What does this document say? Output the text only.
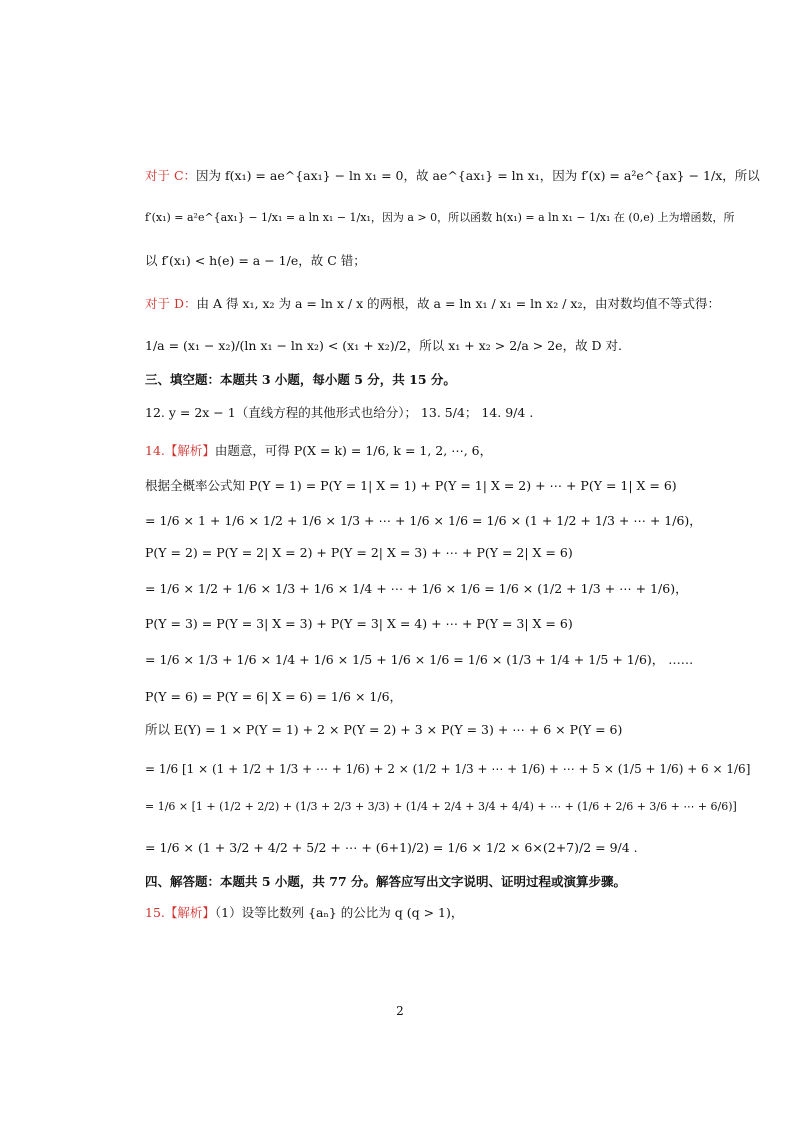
对于 C：因为 f(x₁) = ae^{ax₁} − ln x₁ = 0，故 ae^{ax₁} = ln x₁，因为 f′(x) = a²e^{ax} − 1/x，所以
f′(x₁) = a²e^{ax₁} − 1/x₁ = a ln x₁ − 1/x₁，因为 a > 0，所以函数 h(x₁) = a ln x₁ − 1/x₁ 在 (0,e) 上为增函数，所
以 f′(x₁) < h(e) = a − 1/e，故 C 错；
对于 D：由 A 得 x₁, x₂ 为 a = ln x / x 的两根，故 a = ln x₁ / x₁ = ln x₂ / x₂，由对数均值不等式得：
1/a = (x₁ − x₂)/(ln x₁ − ln x₂) < (x₁ + x₂)/2，所以 x₁ + x₂ > 2/a > 2e，故 D 对.
三、填空题：本题共 3 小题，每小题 5 分，共 15 分。
12. y = 2x − 1（直线方程的其他形式也给分）； 13. 5/4； 14. 9/4 .
14.【解析】由题意，可得 P(X = k) = 1/6, k = 1, 2, ⋯, 6，
根据全概率公式知 P(Y = 1) = P(Y = 1| X = 1) + P(Y = 1| X = 2) + ⋯ + P(Y = 1| X = 6)
= 1/6 × 1 + 1/6 × 1/2 + 1/6 × 1/3 + ⋯ + 1/6 × 1/6 = 1/6 × (1 + 1/2 + 1/3 + ⋯ + 1/6)，
P(Y = 2) = P(Y = 2| X = 2) + P(Y = 2| X = 3) + ⋯ + P(Y = 2| X = 6)
= 1/6 × 1/2 + 1/6 × 1/3 + 1/6 × 1/4 + ⋯ + 1/6 × 1/6 = 1/6 × (1/2 + 1/3 + ⋯ + 1/6)，
P(Y = 3) = P(Y = 3| X = 3) + P(Y = 3| X = 4) + ⋯ + P(Y = 3| X = 6)
= 1/6 × 1/3 + 1/6 × 1/4 + 1/6 × 1/5 + 1/6 × 1/6 = 1/6 × (1/3 + 1/4 + 1/5 + 1/6)， ……
P(Y = 6) = P(Y = 6| X = 6) = 1/6 × 1/6，
所以 E(Y) = 1 × P(Y = 1) + 2 × P(Y = 2) + 3 × P(Y = 3) + ⋯ + 6 × P(Y = 6)
= 1/6 [1 × (1 + 1/2 + 1/3 + ⋯ + 1/6) + 2 × (1/2 + 1/3 + ⋯ + 1/6) + ⋯ + 5 × (1/5 + 1/6) + 6 × 1/6]
= 1/6 × [1 + (1/2 + 2/2) + (1/3 + 2/3 + 3/3) + (1/4 + 2/4 + 3/4 + 4/4) + ⋯ + (1/6 + 2/6 + 3/6 + ⋯ + 6/6)]
= 1/6 × (1 + 3/2 + 4/2 + 5/2 + ⋯ + (6+1)/2) = 1/6 × 1/2 × 6×(2+7)/2 = 9/4 .
四、解答题：本题共 5 小题，共 77 分。解答应写出文字说明、证明过程或演算步骤。
15.【解析】（1）设等比数列 {aₙ} 的公比为 q (q > 1)，
2
